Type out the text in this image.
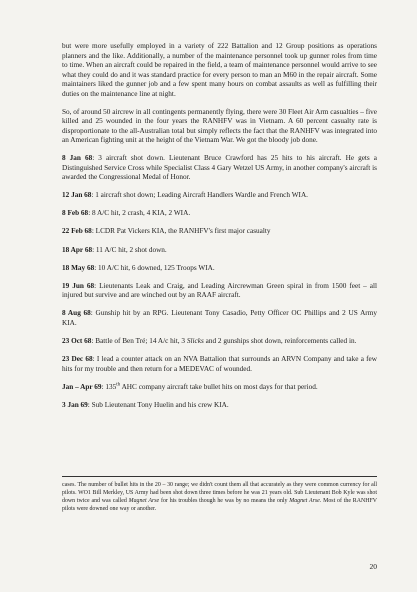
but were more usefully employed in a variety of 222 Battalion and 12 Group positions as operations planners and the like. Additionally, a number of the maintenance personnel took up gunner roles from time to time. When an aircraft could be repaired in the field, a team of maintenance personnel would arrive to see what they could do and it was standard practice for every person to man an M60 in the repair aircraft. Some maintainers liked the gunner job and a few spent many hours on combat assaults as well as fulfilling their duties on the maintenance line at night.

So, of around 50 aircrew in all contingents permanently flying, there were 30 Fleet Air Arm casualties – five killed and 25 wounded in the four years the RANHFV was in Vietnam. A 60 percent casualty rate is disproportionate to the all-Australian total but simply reflects the fact that the RANHFV was integrated into an American fighting unit at the height of the Vietnam War. We got the bloody job done.

8 Jan 68: 3 aircraft shot down. Lieutenant Bruce Crawford has 25 hits to his aircraft. He gets a Distinguished Service Cross while Specialist Class 4 Gary Wetzel US Army, in another company's aircraft is awarded the Congressional Medal of Honor.

12 Jan 68: 1 aircraft shot down; Leading Aircraft Handlers Wardle and French WIA.

8 Feb 68: 8 A/C hit, 2 crash, 4 KIA, 2 WIA.

22 Feb 68: LCDR Pat Vickers KIA, the RANHFV's first major casualty

18 Apr 68: 11 A/C hit, 2 shot down.

18 May 68: 10 A/C hit, 6 downed, 125 Troops WIA.

19 Jun 68: Lieutenants Leak and Craig, and Leading Aircrewman Green spiral in from 1500 feet – all injured but survive and are winched out by an RAAF aircraft.

8 Aug 68: Gunship hit by an RPG. Lieutenant Tony Casadio, Petty Officer OC Phillips and 2 US Army KIA.

23 Oct 68: Battle of Ben Tré; 14 A/c hit, 3 Slicks and 2 gunships shot down, reinforcements called in.

23 Dec 68: I lead a counter attack on an NVA Battalion that surrounds an ARVN Company and take a few hits for my trouble and then return for a MEDEVAC of wounded.

Jan – Apr 69: 135th AHC company aircraft take bullet hits on most days for that period.

3 Jan 69: Sub Lieutenant Tony Huelin and his crew KIA.

cases. The number of bullet hits in the 20 – 30 range; we didn't count them all that accurately as they were common currency for all pilots. WO1 Bill Merkley, US Army had been shot down three times before he was 21 years old. Sub Lieutenant Bob Kyle was shot down twice and was called Magnet Arse for his troubles though he was by no means the only Magnet Arse. Most of the RANHFV pilots were downed one way or another.
20
